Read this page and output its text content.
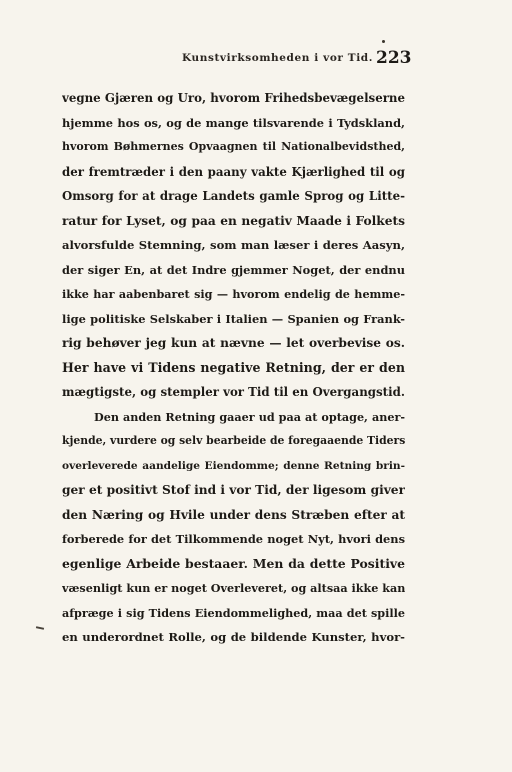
Kunstvirksomheden i vor Tid. 223
vegne Gjæren og Uro, hvorom Frihedsbevægelserne
hjemme hos os, og de mange tilsvarende i Tydskland,
hvorom Bøhmernes Opvaagnen til Nationalbevidsthed,
der fremtræder i den paany vakte Kjærlighed til og
Omsorg for at drage Landets gamle Sprog og Litte-
ratur for Lyset, og paa en negativ Maade i Folkets
alvorsfulde Stemning, som man læser i deres Aasyn,
der siger En, at det Indre gjemmer Noget, der endnu
ikke har aabenbaret sig — hvorom endelig de hemme-
lige politiske Selskaber i Italien — Spanien og Frank-
rig behøver jeg kun at nævne — let overbevise os.
Her have vi Tidens negative Retning, der er den
mægtigste, og stempler vor Tid til en Overgangstid.
Den anden Retning gaaer ud paa at optage, aner-
kjende, vurdere og selv bearbeide de foregaaende Tiders
overleverede aandelige Eiendomme; denne Retning brin-
ger et positivt Stof ind i vor Tid, der ligesom giver
den Næring og Hvile under dens Stræben efter at
forberede for det Tilkommende noget Nyt, hvori dens
egenlige Arbeide bestaaer. Men da dette Positive
væsenligt kun er noget Overleveret, og altsaa ikke kan
afpræge i sig Tidens Eiendommelighed, maa det spille
en underordnet Rolle, og de bildende Kunster, hvor-
